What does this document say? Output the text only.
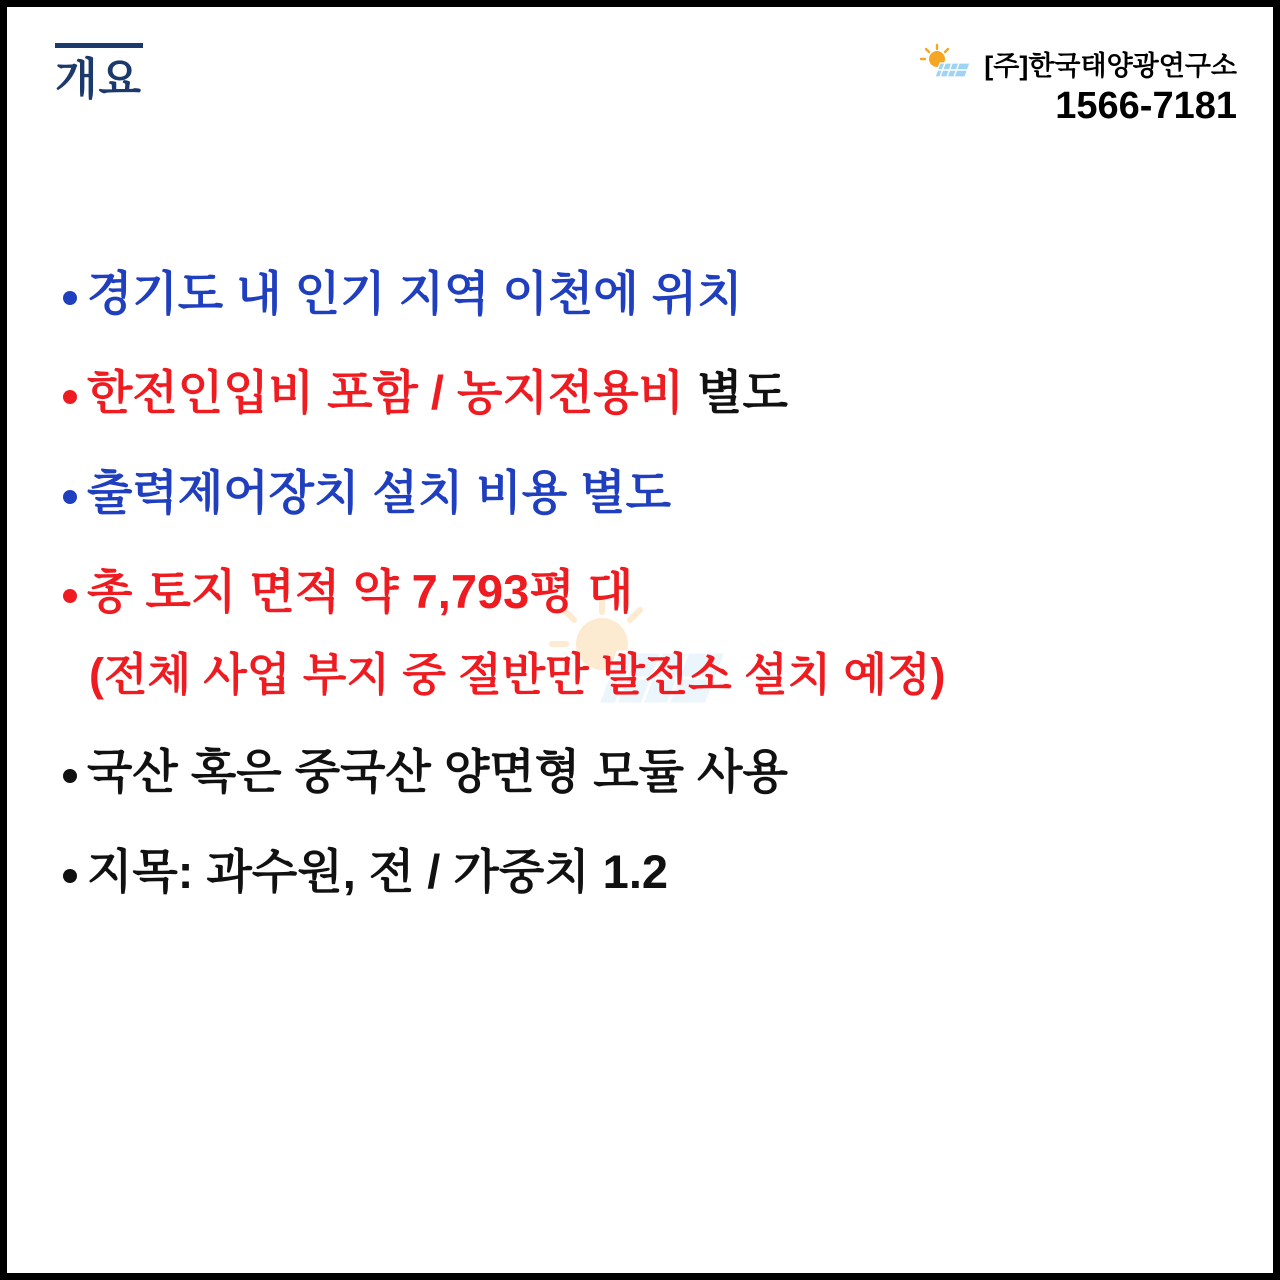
개요	[주]한국태양광연구소
1566-7181
경기도 내 인기 지역 이천에 위치
한전인입비 포함 / 농지전용비 별도
출력제어장치 설치 비용 별도
총 토지 면적 약 7,793평 대
(전체 사업 부지 중 절반만 발전소 설치 예정)
국산 혹은 중국산 양면형 모듈 사용
지목: 과수원, 전 / 가중치 1.2
